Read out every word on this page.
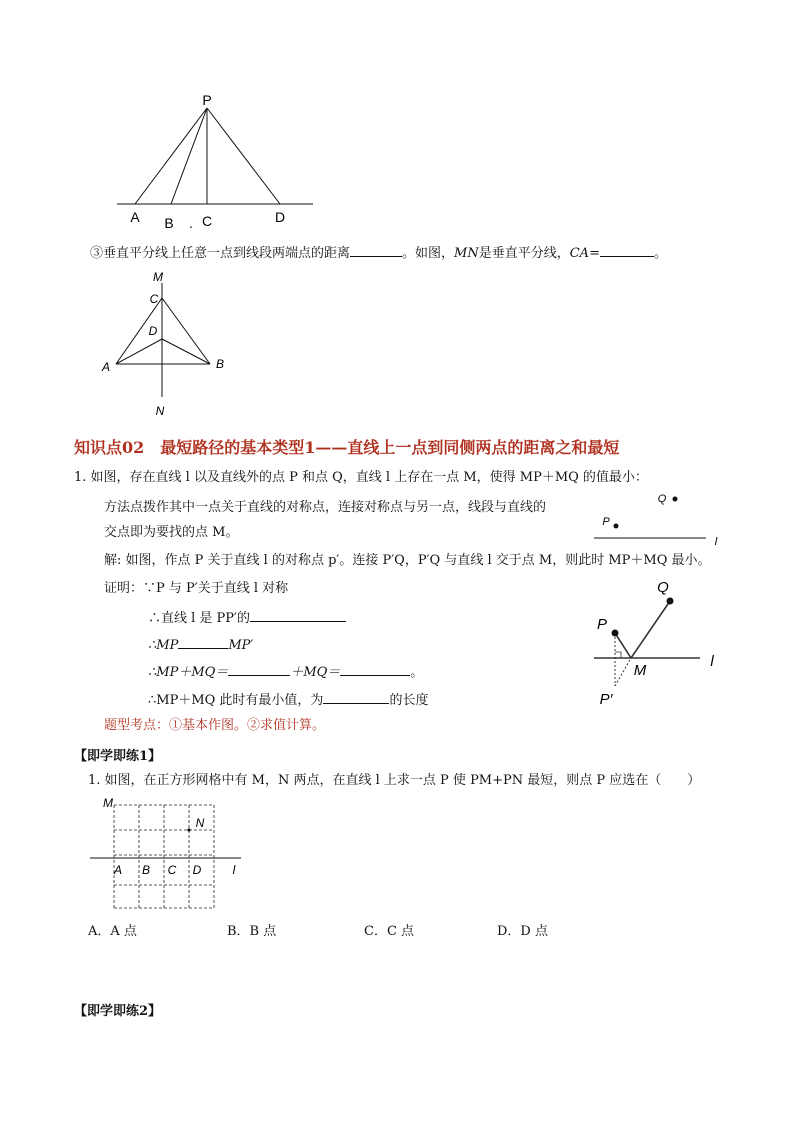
P
A B . C	D
③垂直平分线上任意一点到线段两端点的距离	。如图，MN是垂直平分线，CA=	。
M
C
D
A	B
N
知识点02　最短路径的基本类型1——直线上一点到同侧两点的距离之和最短
1. 如图，存在直线 l 以及直线外的点 P 和点 Q，直线 l 上存在一点 M，使得 MP＋MQ 的值最小：
方法点拨作其中一点关于直线的对称点，连接对称点与另一点，线段与直线的
交点即为要找的点 M。
解: 如图，作点 P 关于直线 l 的对称点 p′。连接 P′Q，P′Q 与直线 l 交于点 M，则此时 MP＋MQ 最小。
证明：∵P 与 P′关于直线 l 对称
∴直线 l 是 PP′的
∴MP	MP′
∴MP＋MQ＝	＋MQ＝	。
∴MP＋MQ 此时有最小值，为	的长度
题型考点：①基本作图。②求值计算。
Q
P
l
Q
P
l
M
P′
【即学即练1】
1. 如图，在正方形网格中有 M，N 两点，在直线 l 上求一点 P 使 PM+PN 最短，则点 P 应选在（　　）
M
N
A B C D	l
A．A 点	B．B 点	C．C 点	D．D 点
【即学即练2】
